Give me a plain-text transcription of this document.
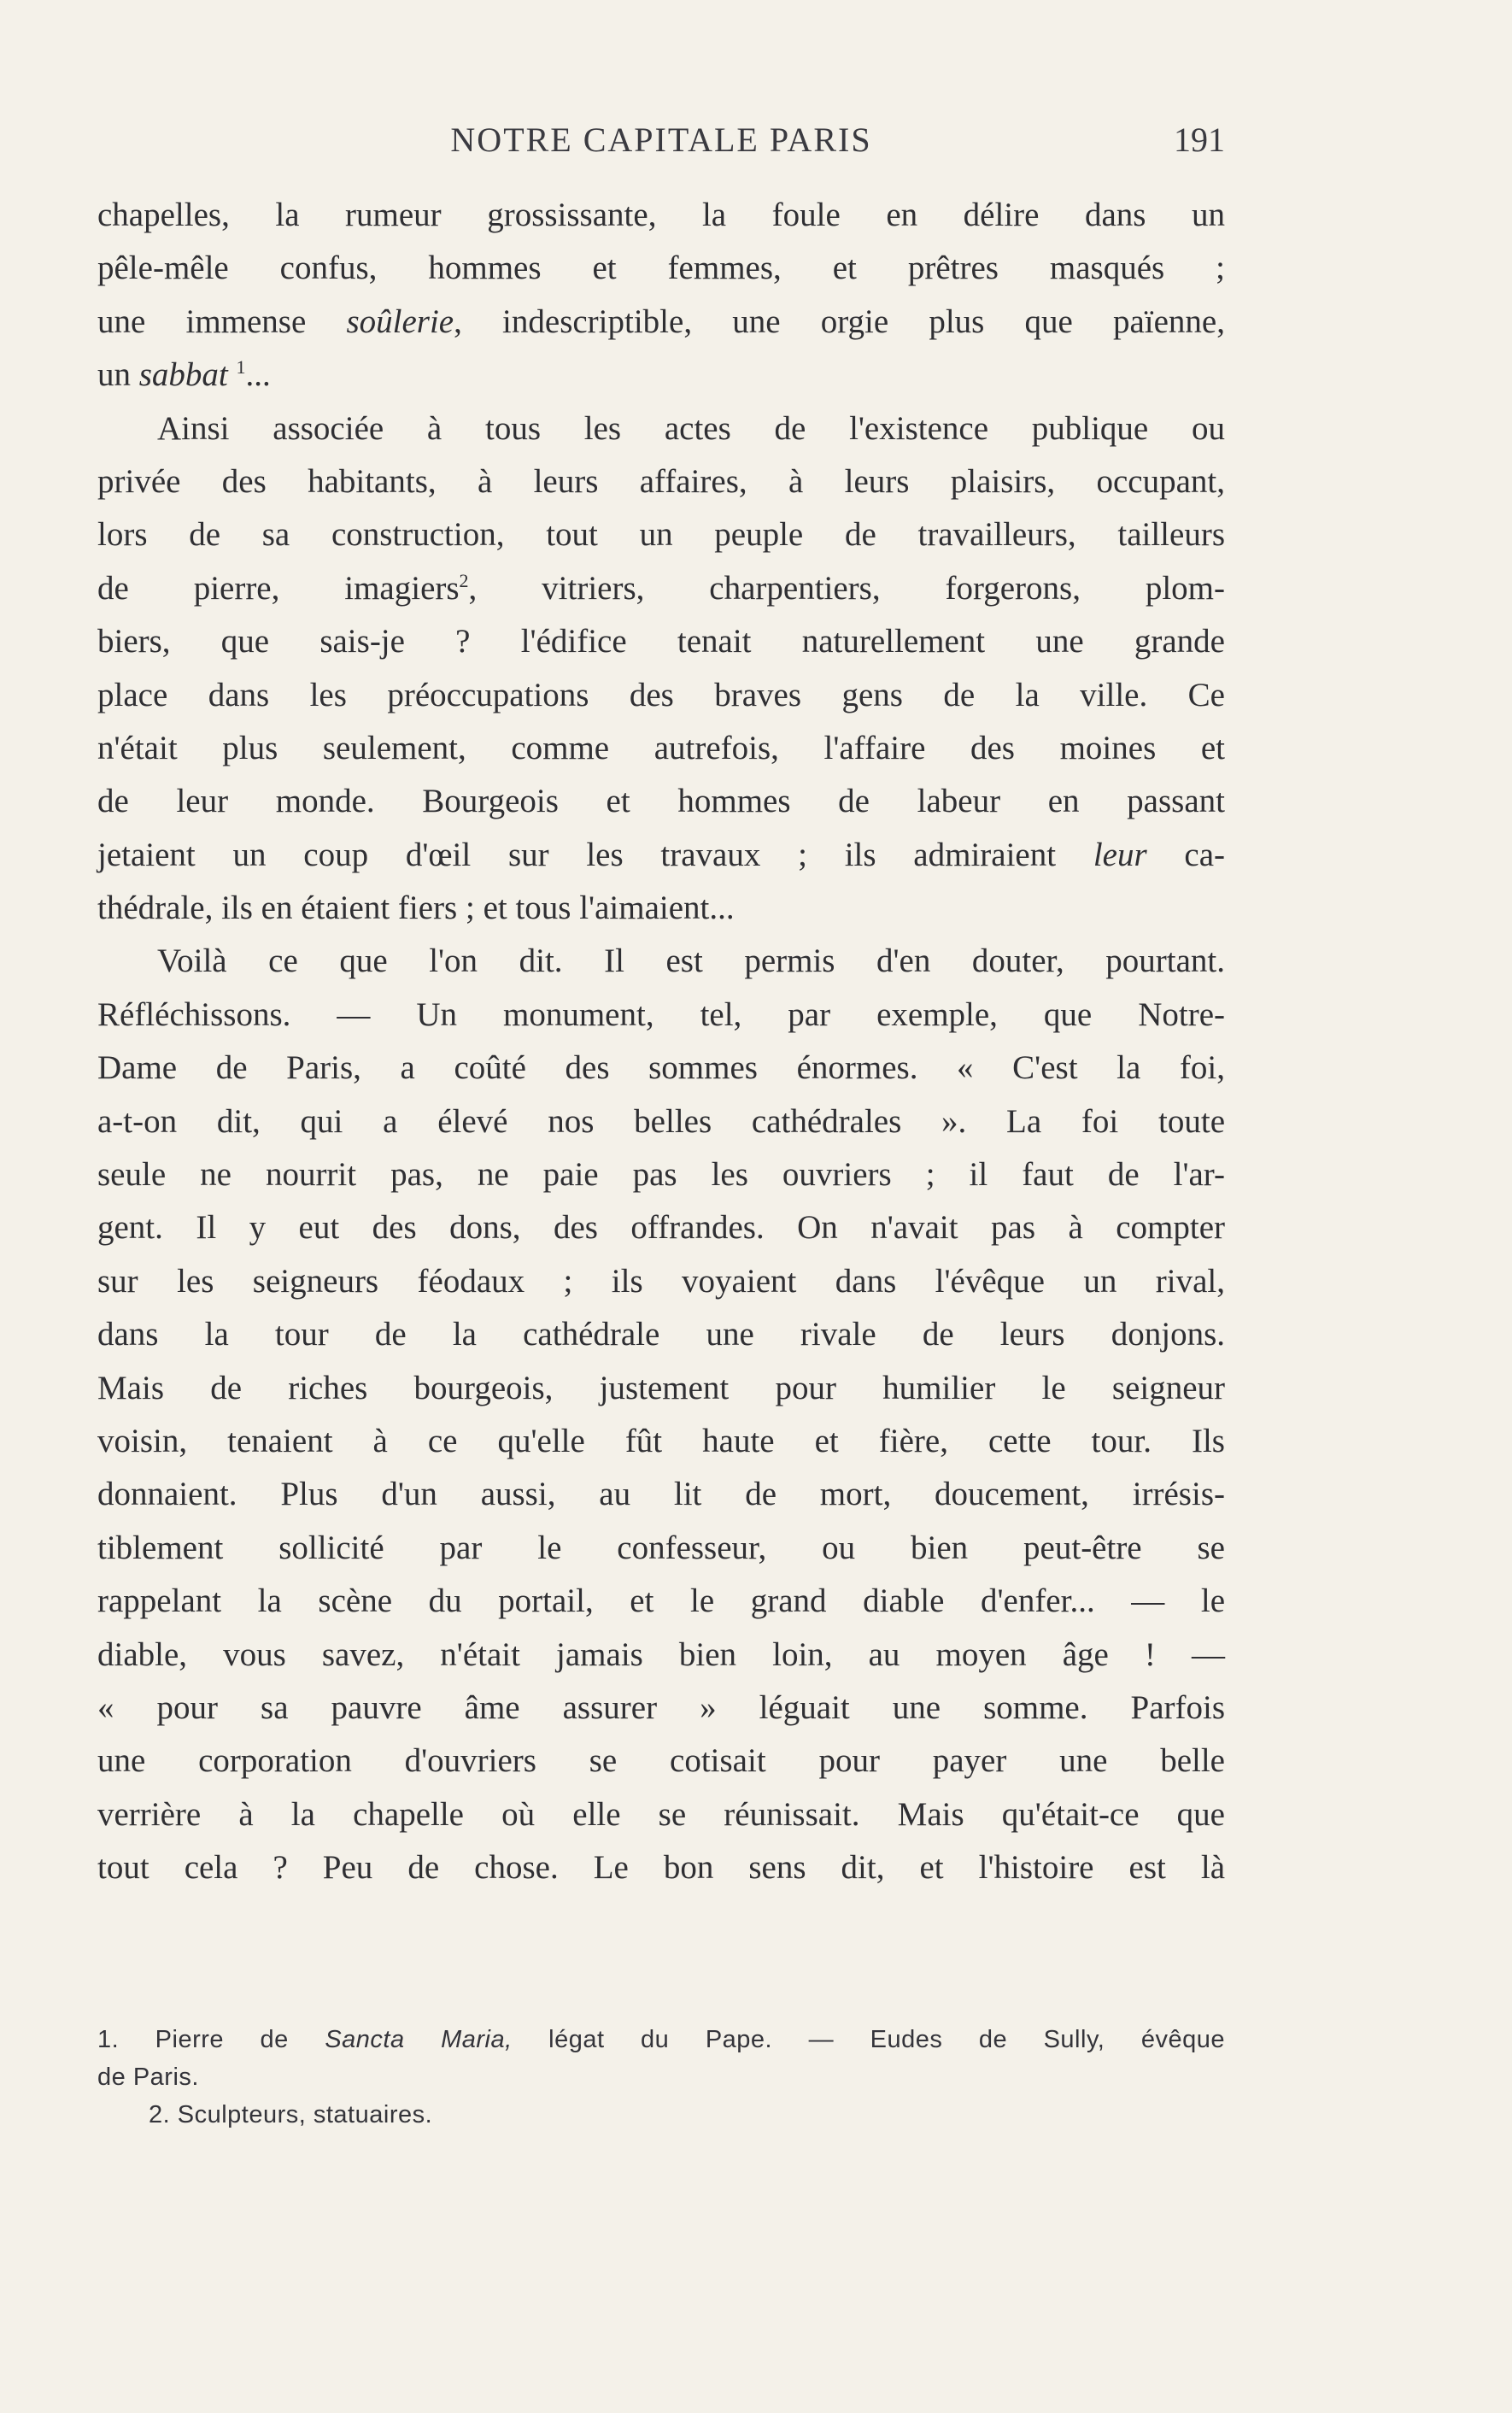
NOTRE CAPITALE PARIS	191
chapelles, la rumeur grossissante, la foule en délire dans un
pêle-mêle confus, hommes et femmes, et prêtres masqués ;
une immense soûlerie, indescriptible, une orgie plus que païenne,
un sabbat $^1$...
Ainsi associée à tous les actes de l'existence publique ou
privée des habitants, à leurs affaires, à leurs plaisirs, occupant,
lors de sa construction, tout un peuple de travailleurs, tailleurs
de pierre, imagiers$^2$, vitriers, charpentiers, forgerons, plom-
biers, que sais-je ? l'édifice tenait naturellement une grande
place dans les préoccupations des braves gens de la ville. Ce
n'était plus seulement, comme autrefois, l'affaire des moines et
de leur monde. Bourgeois et hommes de labeur en passant
jetaient un coup d'œil sur les travaux ; ils admiraient leur ca-
thédrale, ils en étaient fiers ; et tous l'aimaient...
Voilà ce que l'on dit. Il est permis d'en douter, pourtant.
Réfléchissons. — Un monument, tel, par exemple, que Notre-
Dame de Paris, a coûté des sommes énormes. « C'est la foi,
a-t-on dit, qui a élevé nos belles cathédrales ». La foi toute
seule ne nourrit pas, ne paie pas les ouvriers ; il faut de l'ar-
gent. Il y eut des dons, des offrandes. On n'avait pas à compter
sur les seigneurs féodaux ; ils voyaient dans l'évêque un rival,
dans la tour de la cathédrale une rivale de leurs donjons.
Mais de riches bourgeois, justement pour humilier le seigneur
voisin, tenaient à ce qu'elle fût haute et fière, cette tour. Ils
donnaient. Plus d'un aussi, au lit de mort, doucement, irrésis-
tiblement sollicité par le confesseur, ou bien peut-être se
rappelant la scène du portail, et le grand diable d'enfer... — le
diable, vous savez, n'était jamais bien loin, au moyen âge ! —
« pour sa pauvre âme assurer » léguait une somme. Parfois
une corporation d'ouvriers se cotisait pour payer une belle
verrière à la chapelle où elle se réunissait. Mais qu'était-ce que
tout cela ? Peu de chose. Le bon sens dit, et l'histoire est là
1. Pierre de Sancta Maria, légat du Pape. — Eudes de Sully, évêque
de Paris.
2. Sculpteurs, statuaires.
